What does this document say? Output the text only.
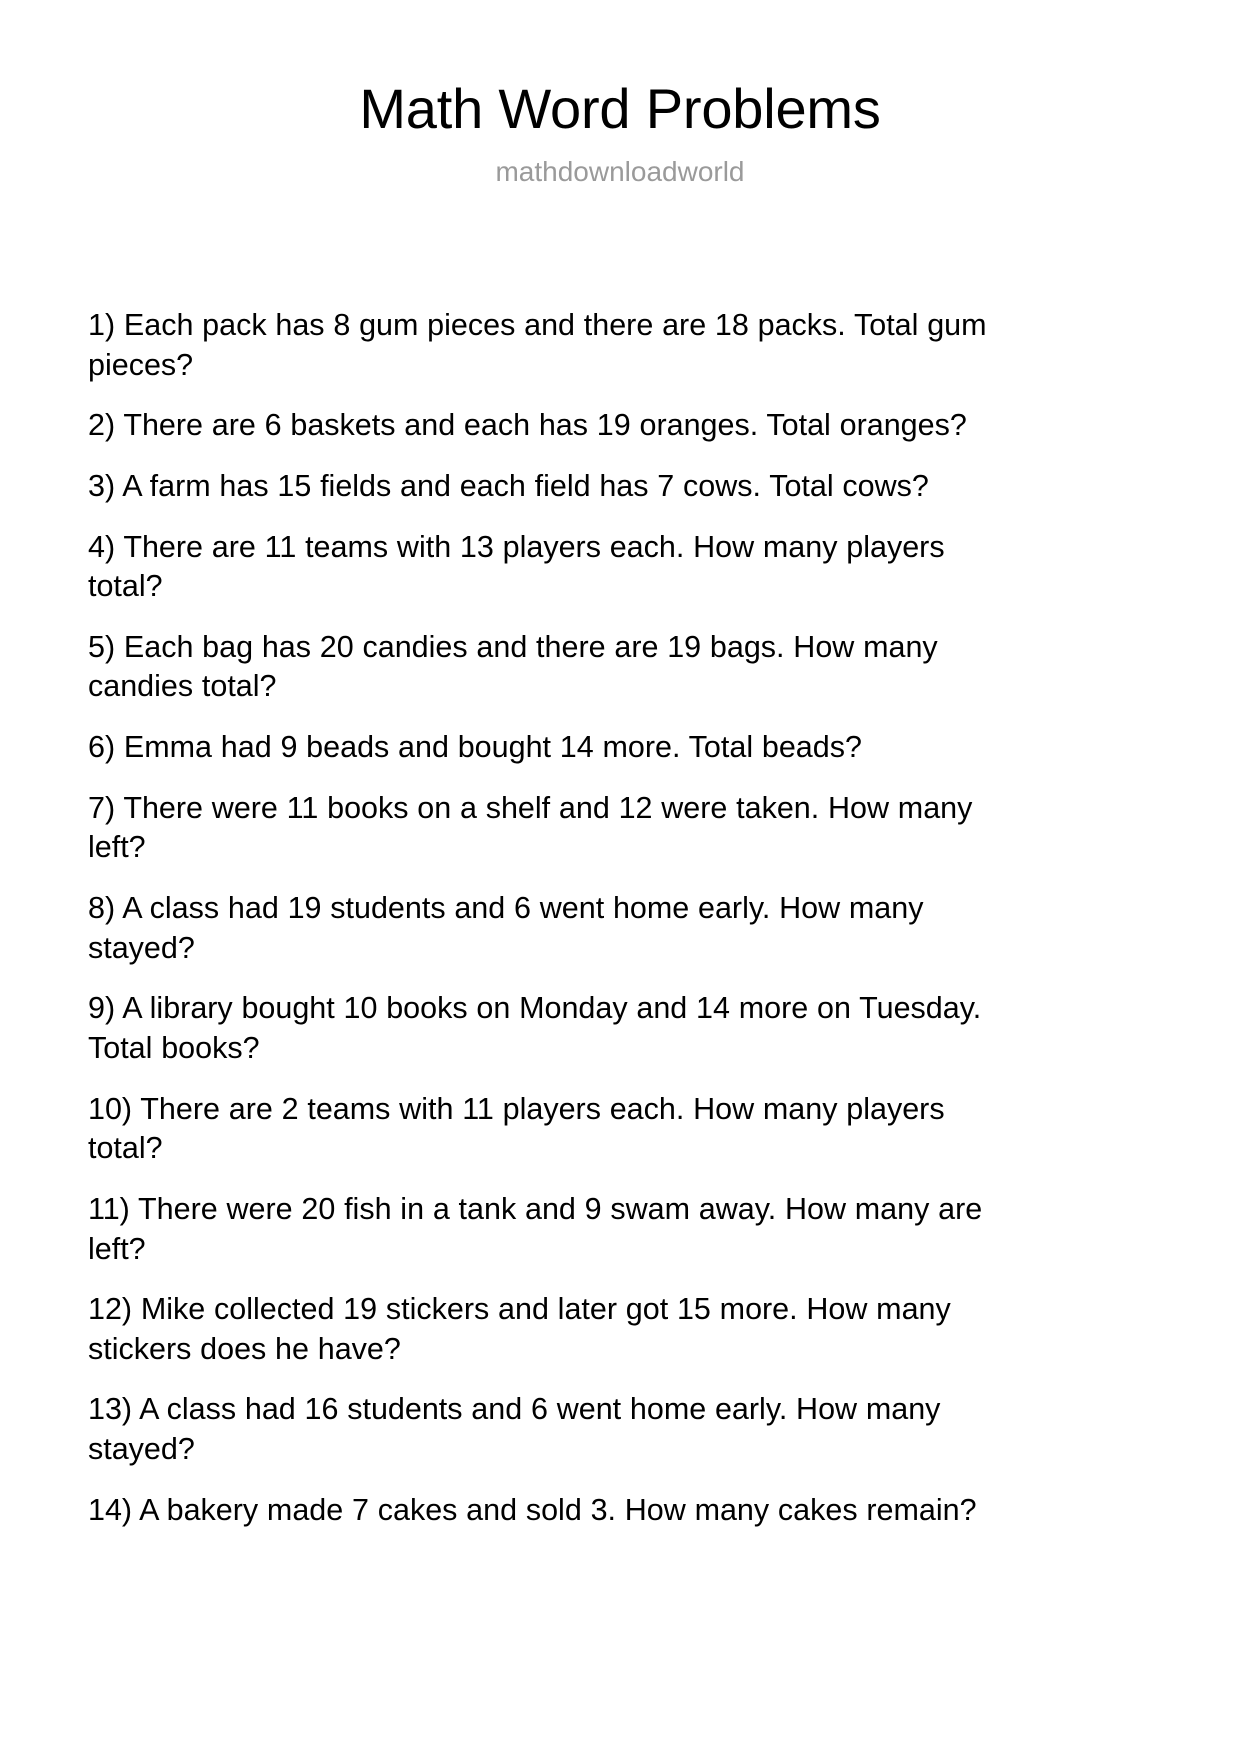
Math Word Problems

mathdownloadworld

1) Each pack has 8 gum pieces and there are 18 packs. Total gum pieces?
2) There are 6 baskets and each has 19 oranges. Total oranges?
3) A farm has 15 fields and each field has 7 cows. Total cows?
4) There are 11 teams with 13 players each. How many players total?
5) Each bag has 20 candies and there are 19 bags. How many candies total?
6) Emma had 9 beads and bought 14 more. Total beads?
7) There were 11 books on a shelf and 12 were taken. How many left?
8) A class had 19 students and 6 went home early. How many stayed?
9) A library bought 10 books on Monday and 14 more on Tuesday. Total books?
10) There are 2 teams with 11 players each. How many players total?
11) There were 20 fish in a tank and 9 swam away. How many are left?
12) Mike collected 19 stickers and later got 15 more. How many stickers does he have?
13) A class had 16 students and 6 went home early. How many stayed?
14) A bakery made 7 cakes and sold 3. How many cakes remain?
